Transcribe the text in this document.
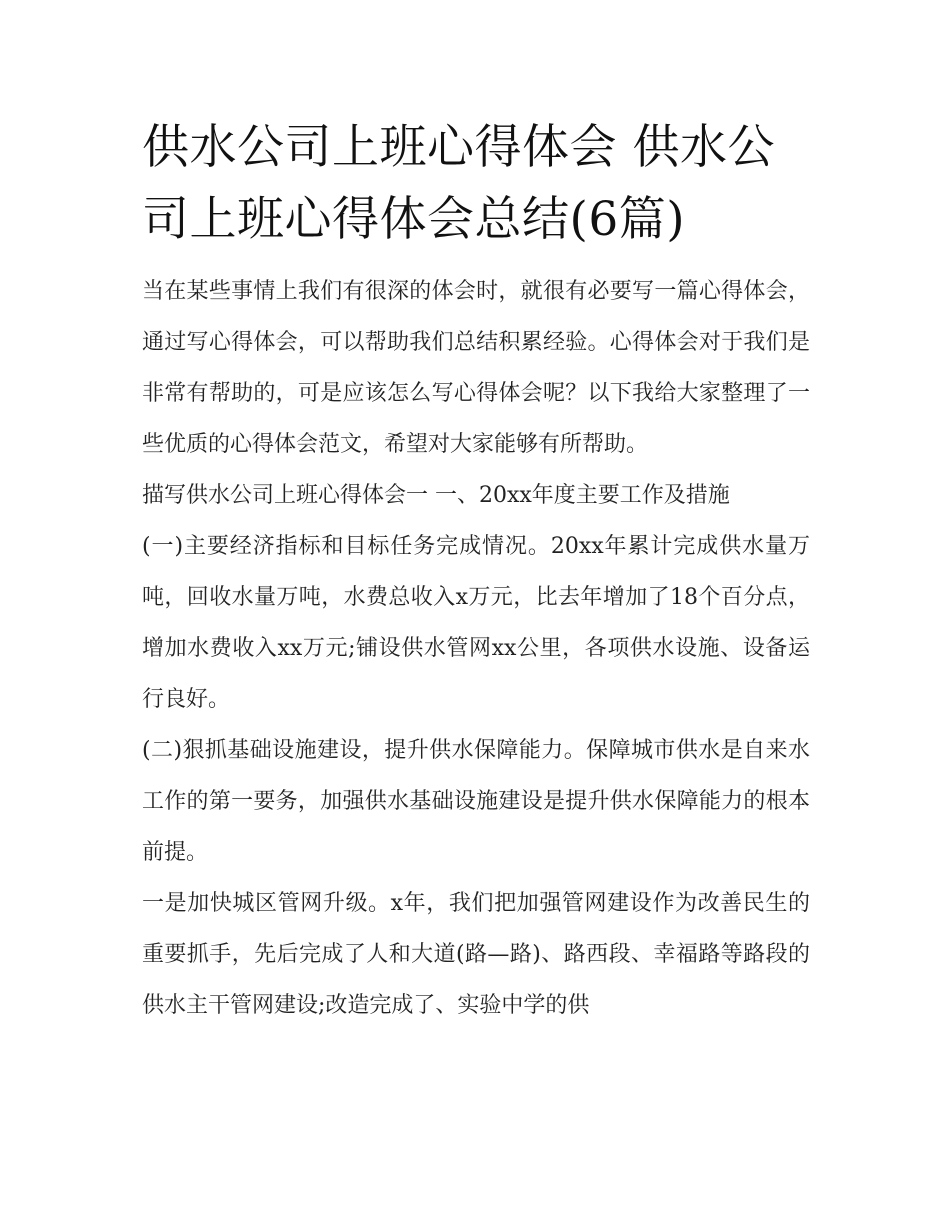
供水公司上班心得体会 供水公司上班心得体会总结(6篇)

当在某些事情上我们有很深的体会时，就很有必要写一篇心得体会，通过写心得体会，可以帮助我们总结积累经验。心得体会对于我们是非常有帮助的，可是应该怎么写心得体会呢？以下我给大家整理了一些优质的心得体会范文，希望对大家能够有所帮助。

描写供水公司上班心得体会一 一、20xx年度主要工作及措施

(一)主要经济指标和目标任务完成情况。20xx年累计完成供水量万吨，回收水量万吨，水费总收入x万元，比去年增加了18个百分点，增加水费收入xx万元;铺设供水管网xx公里，各项供水设施、设备运行良好。

(二)狠抓基础设施建设，提升供水保障能力。保障城市供水是自来水工作的第一要务，加强供水基础设施建设是提升供水保障能力的根本前提。

一是加快城区管网升级。x年，我们把加强管网建设作为改善民生的重要抓手，先后完成了人和大道(路—路)、路西段、幸福路等路段的供水主干管网建设;改造完成了、实验中学的供
